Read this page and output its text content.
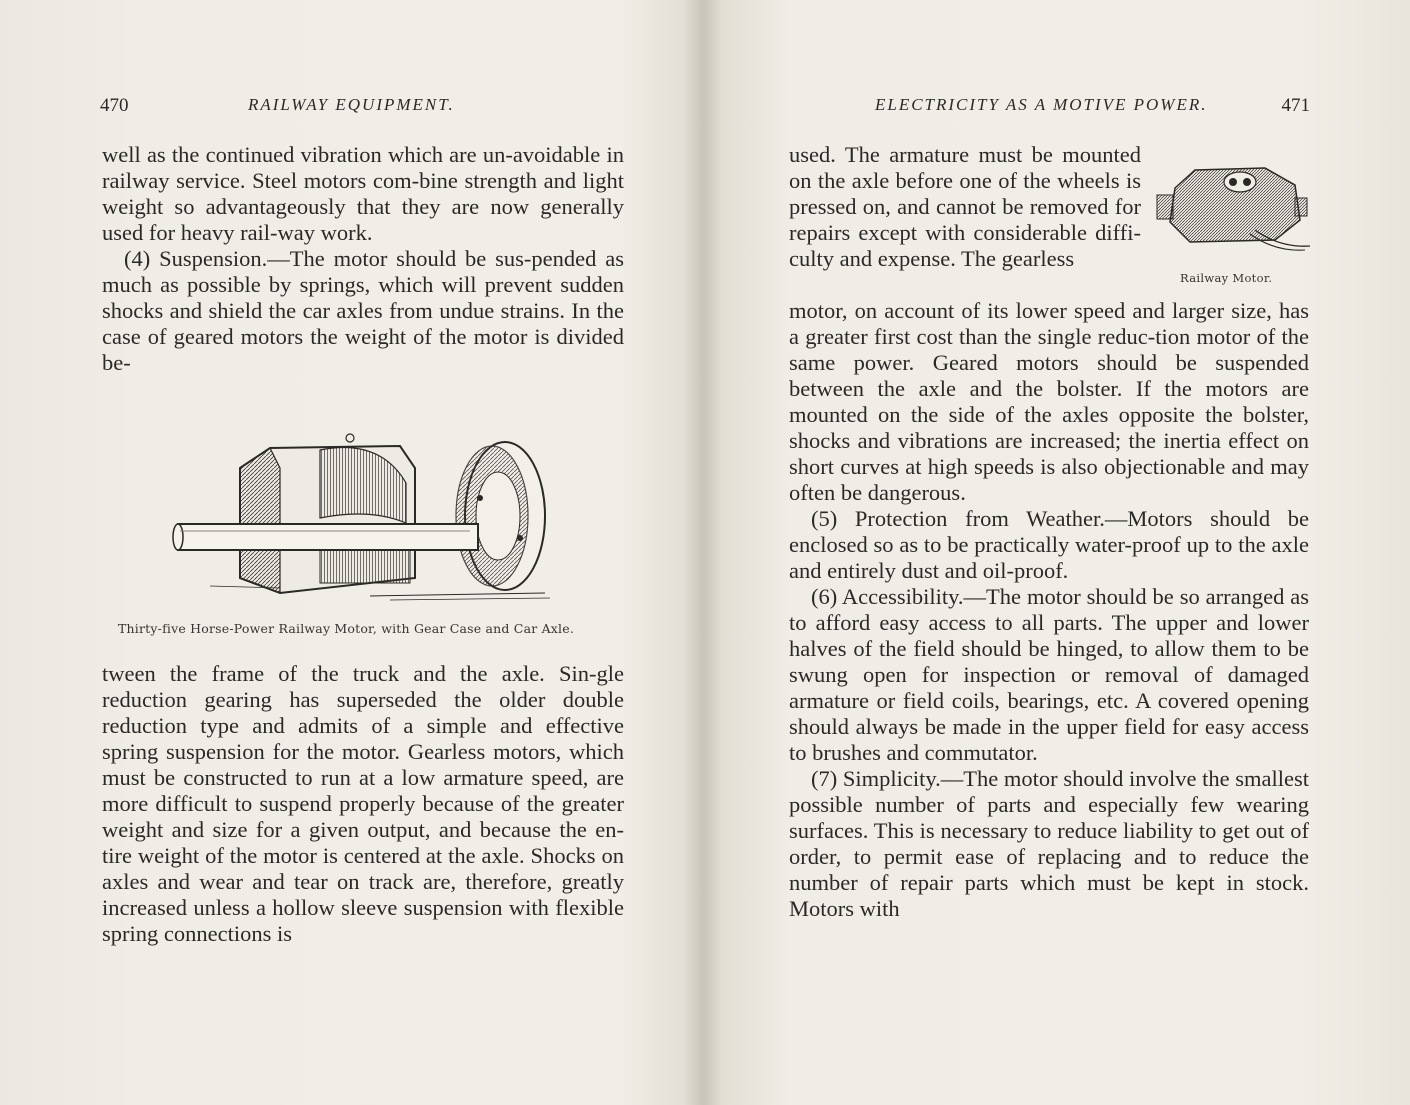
470	RAILWAY EQUIPMENT.

well as the continued vibration which are un-avoidable in railway service. Steel motors com-bine strength and light weight so advantageously that they are now generally used for heavy rail-way work.

(4) Suspension.—The motor should be sus-pended as much as possible by springs, which will prevent sudden shocks and shield the car axles from undue strains. In the case of geared motors the weight of the motor is divided be-

Thirty-five Horse-Power Railway Motor, with Gear Case and Car Axle.

tween the frame of the truck and the axle. Sin-gle reduction gearing has superseded the older double reduction type and admits of a simple and effective spring suspension for the motor. Gearless motors, which must be constructed to run at a low armature speed, are more difficult to suspend properly because of the greater weight and size for a given output, and because the en-tire weight of the motor is centered at the axle. Shocks on axles and wear and tear on track are, therefore, greatly increased unless a hollow sleeve suspension with flexible spring connections is

ELECTRICITY AS A MOTIVE POWER.	471

used. The armature must be mounted on the axle before one of the wheels is pressed on, and cannot be removed for repairs except with considerable diffi-culty and expense. The gearless

Railway Motor.

motor, on account of its lower speed and larger size, has a greater first cost than the single reduc-tion motor of the same power. Geared motors should be suspended between the axle and the bolster. If the motors are mounted on the side of the axles opposite the bolster, shocks and vibrations are increased; the inertia effect on short curves at high speeds is also objectionable and may often be dangerous.

(5) Protection from Weather.—Motors should be enclosed so as to be practically water-proof up to the axle and entirely dust and oil-proof.

(6) Accessibility.—The motor should be so arranged as to afford easy access to all parts. The upper and lower halves of the field should be hinged, to allow them to be swung open for inspection or removal of damaged armature or field coils, bearings, etc. A covered opening should always be made in the upper field for easy access to brushes and commutator.

(7) Simplicity.—The motor should involve the smallest possible number of parts and especially few wearing surfaces. This is necessary to reduce liability to get out of order, to permit ease of replacing and to reduce the number of repair parts which must be kept in stock. Motors with
